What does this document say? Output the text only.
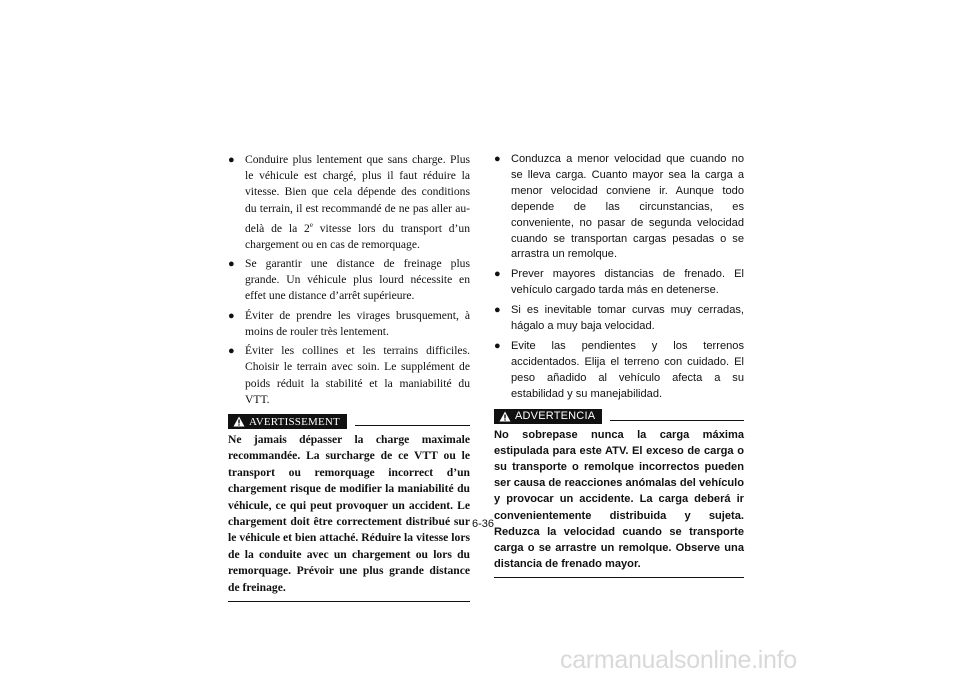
● Conduire plus lentement que sans charge. Plus le véhicule est chargé, plus il faut réduire la vitesse. Bien que cela dépende des conditions du terrain, il est recommandé de ne pas aller au-delà de la 2e vitesse lors du transport d’un chargement ou en cas de remorquage.
● Se garantir une distance de freinage plus grande. Un véhicule plus lourd nécessite en effet une distance d’arrêt supérieure.
● Éviter de prendre les virages brusquement, à moins de rouler très lentement.
● Éviter les collines et les terrains difficiles. Choisir le terrain avec soin. Le supplément de poids réduit la stabilité et la maniabilité du VTT.
AVERTISSEMENT
Ne jamais dépasser la charge maximale recommandée. La surcharge de ce VTT ou le transport ou remorquage incorrect d’un chargement risque de modifier la maniabilité du véhicule, ce qui peut provoquer un accident. Le chargement doit être correctement distribué sur le véhicule et bien attaché. Réduire la vitesse lors de la conduite avec un chargement ou lors du remorquage. Prévoir une plus grande distance de freinage.
● Conduzca a menor velocidad que cuando no se lleva carga. Cuanto mayor sea la carga a menor velocidad conviene ir. Aunque todo depende de las circunstancias, es conveniente, no pasar de segunda velocidad cuando se transportan cargas pesadas o se arrastra un remolque.
● Prever mayores distancias de frenado. El vehículo cargado tarda más en detenerse.
● Si es inevitable tomar curvas muy cerradas, hágalo a muy baja velocidad.
● Evite las pendientes y los terrenos accidentados. Elija el terreno con cuidado. El peso añadido al vehículo afecta a su estabilidad y su manejabilidad.
ADVERTENCIA
No sobrepase nunca la carga máxima estipulada para este ATV. El exceso de carga o su transporte o remolque incorrectos pueden ser causa de reacciones anómalas del vehículo y provocar un accidente. La carga deberá ir convenientemente distribuida y sujeta. Reduzca la velocidad cuando se transporte carga o se arrastre un remolque. Observe una distancia de frenado mayor.
6-36
carmanualsonline.info
